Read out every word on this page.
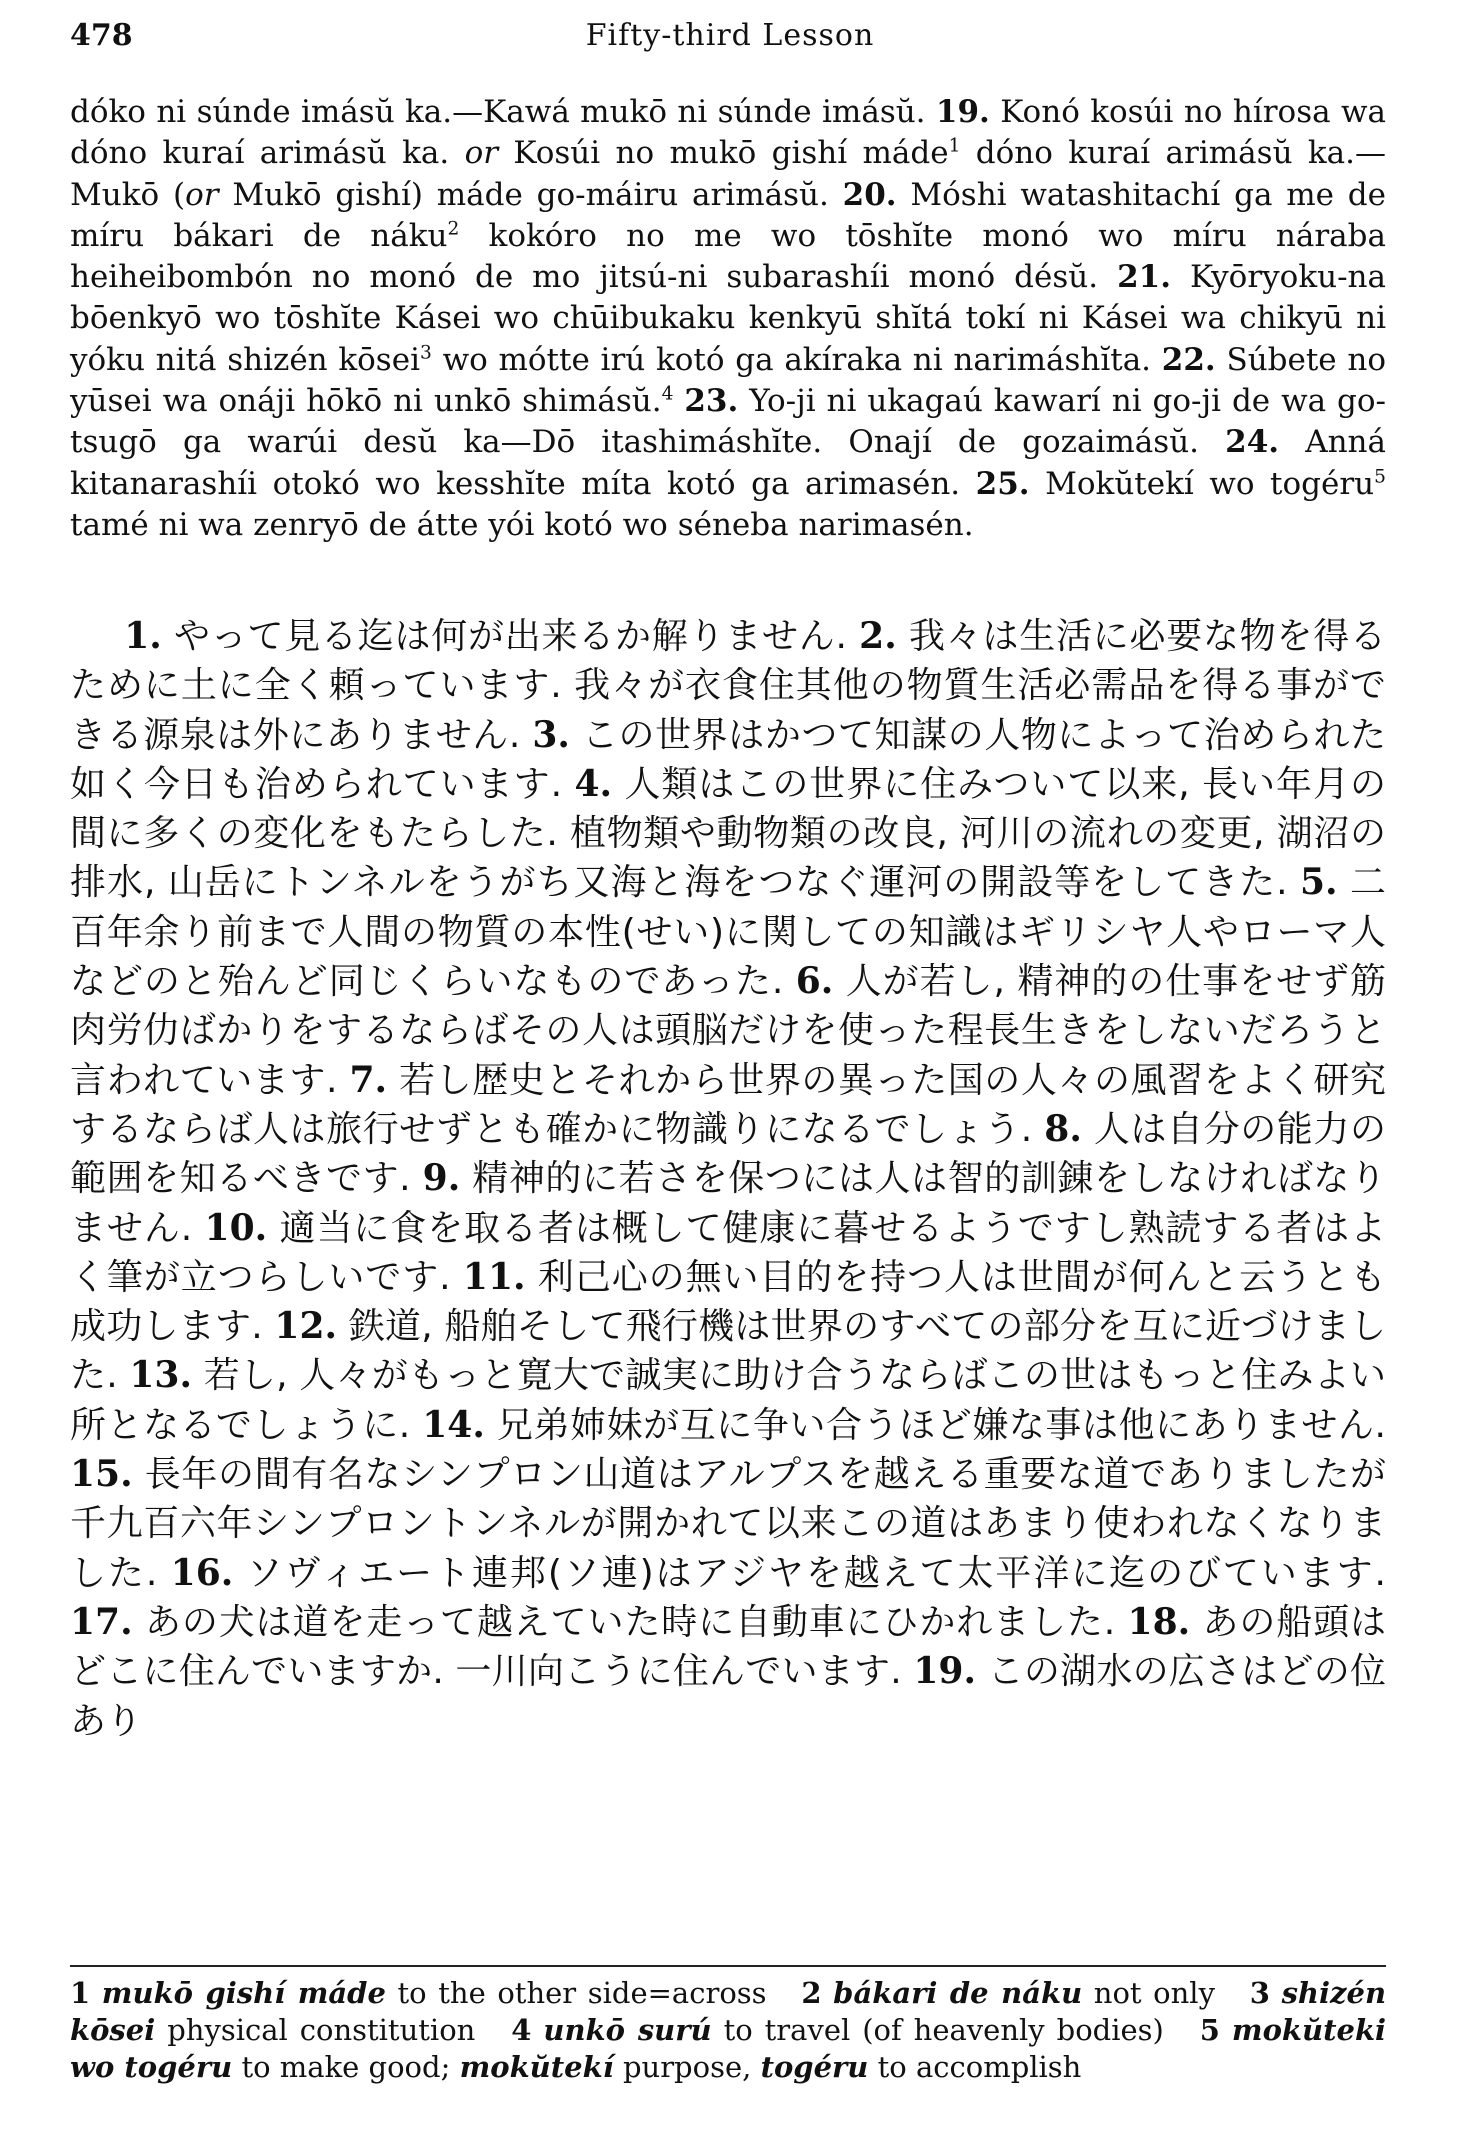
478	Fifty-third Lesson
dóko ni súnde imásŭ ka.—Kawá mukō ni súnde imásŭ. 19. Konó kosúi no hírosa wa dóno kuraí arimásŭ ka. or Kosúi no mukō gishí máde$^1$ dóno kuraí arimásŭ ka.—Mukō (or Mukō gishí) máde go-máiru arimásŭ. 20. Móshi watashitachí ga me de míru bákari de náku$^2$ kokóro no me wo tōshĭte monó wo míru náraba heiheibombón no monó de mo jitsú-ni subarashíi monó désŭ. 21. Kyōryoku-na bōenkyō wo tōshĭte Kásei wo chūibukaku kenkyū shĭtá tokí ni Kásei wa chikyū ni yóku nitá shizén kōsei$^3$ wo mótte irú kotó ga akíraka ni narimáshĭta. 22. Súbete no yūsei wa onáji hōkō ni unkō shimásŭ.$^4$ 23. Yo-ji ni ukagaú kawarí ni go-ji de wa go-tsugō ga warúi desŭ ka—Dō itashimáshĭte. Onají de gozaimásŭ. 24. Anná kitanarashíi otokó wo kesshĭte míta kotó ga arimasén. 25. Mokŭtekí wo togéru$^5$ tamé ni wa zenryō de átte yói kotó wo séneba narimasén.
1. やって見る迄は何が出来るか解りません. 2. 我々は生活に必要な物を得るために土に全く頼っています. 我々が衣食住其他の物質生活必需品を得る事ができる源泉は外にありません. 3. この世界はかつて知謀の人物によって治められた如く今日も治められています. 4. 人類はこの世界に住みついて以来, 長い年月の間に多くの変化をもたらした. 植物類や動物類の改良, 河川の流れの変更, 湖沼の排水, 山岳にトンネルをうがち又海と海をつなぐ運河の開設等をしてきた. 5. 二百年余り前まで人間の物質の本性(せい)に関しての知識はギリシヤ人やローマ人などのと殆んど同じくらいなものであった. 6. 人が若し, 精神的の仕事をせず筋肉労仂ばかりをするならばその人は頭脳だけを使った程長生きをしないだろうと言われています. 7. 若し歴史とそれから世界の異った国の人々の風習をよく研究するならば人は旅行せずとも確かに物識りになるでしょう. 8. 人は自分の能力の範囲を知るべきです. 9. 精神的に若さを保つには人は智的訓錬をしなければなりません. 10. 適当に食を取る者は概して健康に暮せるようですし熟読する者はよく筆が立つらしいです. 11. 利己心の無い目的を持つ人は世間が何んと云うとも成功します. 12. 鉄道, 船舶そして飛行機は世界のすべての部分を互に近づけました. 13. 若し, 人々がもっと寛大で誠実に助け合うならばこの世はもっと住みよい所となるでしょうに. 14. 兄弟姉妹が互に争い合うほど嫌な事は他にありません. 15. 長年の間有名なシンプロン山道はアルプスを越える重要な道でありましたが千九百六年シンプロントンネルが開かれて以来この道はあまり使われなくなりました. 16. ソヴィエート連邦(ソ連)はアジヤを越えて太平洋に迄のびています. 17. あの犬は道を走って越えていた時に自動車にひかれました. 18. あの船頭はどこに住んでいますか. 一川向こうに住んでいます. 19. この湖水の広さはどの位あり

1 mukō gishí máde to the other side=across 2 bákari de náku not only 3 shizén kōsei physical constitution 4 unkō surú to travel (of heavenly bodies) 5 mokŭteki wo togéru to make good; mokŭtekí purpose, togéru to accomplish
